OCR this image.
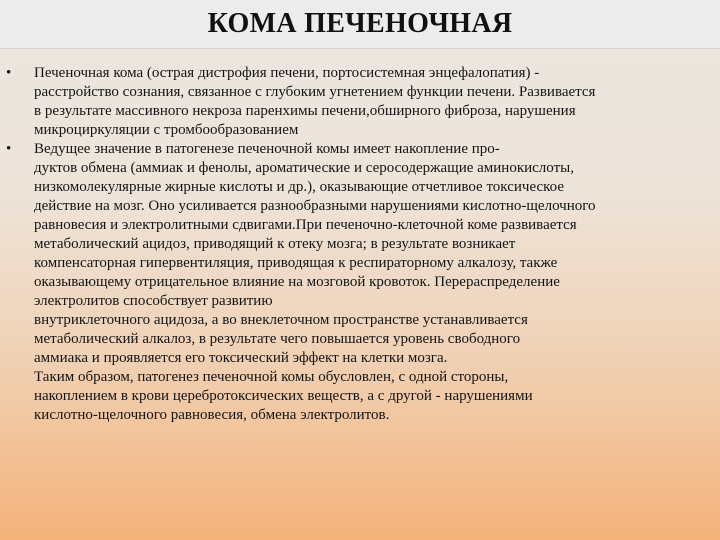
КОМА ПЕЧЕНОЧНАЯ
• Печеночная кома (острая дистрофия печени, портосистемная энцефалопатия) -
расстройство сознания, связанное с глубоким угнетением функции печени. Развивается
в результате массивного некроза паренхимы печени,обширного фиброза, нарушения
микроциркуляции с тромбообразованием
• Ведущее значение в патогенезе печеночной комы имеет накопление про-
дуктов обмена (аммиак и фенолы, ароматические и серосодержащие аминокислоты,
низкомолекулярные жирные кислоты и др.), оказывающие отчетливое токсическое
действие на мозг. Оно усиливается разнообразными нарушениями кислотно-щелочного
равновесия и электролитными сдвигами.При печеночно-клеточной коме развивается
метаболический ацидоз, приводящий к отеку мозга; в результате возникает
компенсаторная гипервентиляция, приводящая к респираторному алкалозу, также
оказывающему отрицательное влияние на мозговой кровоток. Перераспределение
электролитов способствует развитию
внутриклеточного ацидоза, а во внеклеточном пространстве устанавливается
метаболический алкалоз, в результате чего повышается уровень свободного
аммиака и проявляется его токсический эффект на клетки мозга.
Таким образом, патогенез печеночной комы обусловлен, с одной стороны,
накоплением в крови церебротоксических веществ, а с другой - нарушениями
кислотно-щелочного равновесия, обмена электролитов.
